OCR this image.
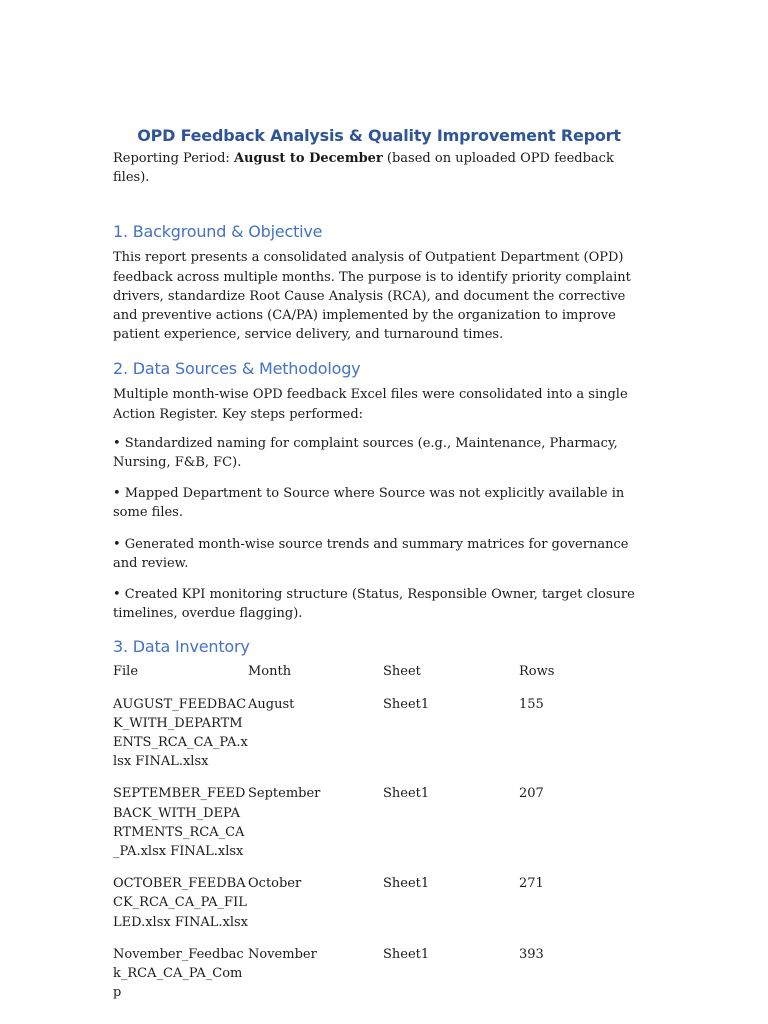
OPD Feedback Analysis & Quality Improvement Report

Reporting Period: August to December (based on uploaded OPD feedback files).

1. Background & Objective

This report presents a consolidated analysis of Outpatient Department (OPD) feedback across multiple months. The purpose is to identify priority complaint drivers, standardize Root Cause Analysis (RCA), and document the corrective and preventive actions (CA/PA) implemented by the organization to improve patient experience, service delivery, and turnaround times.

2. Data Sources & Methodology

Multiple month-wise OPD feedback Excel files were consolidated into a single Action Register. Key steps performed:

• Standardized naming for complaint sources (e.g., Maintenance, Pharmacy, Nursing, F&B, FC).

• Mapped Department to Source where Source was not explicitly available in some files.

• Generated month-wise source trends and summary matrices for governance and review.

• Created KPI monitoring structure (Status, Responsible Owner, target closure timelines, overdue flagging).

3. Data Inventory
File	Month	Sheet	Rows
AUGUST_FEEDBACK_WITH_DEPARTMENTS_RCA_CA_PA.xlsx FINAL.xlsx	August	Sheet1	155
SEPTEMBER_FEEDBACK_WITH_DEPARTMENTS_RCA_CA_PA.xlsx FINAL.xlsx	September	Sheet1	207
OCTOBER_FEEDBACK_RCA_CA_PA_FILLED.xlsx FINAL.xlsx	October	Sheet1	271
November_Feedback_RCA_CA_PA_Comp	November	Sheet1	393
